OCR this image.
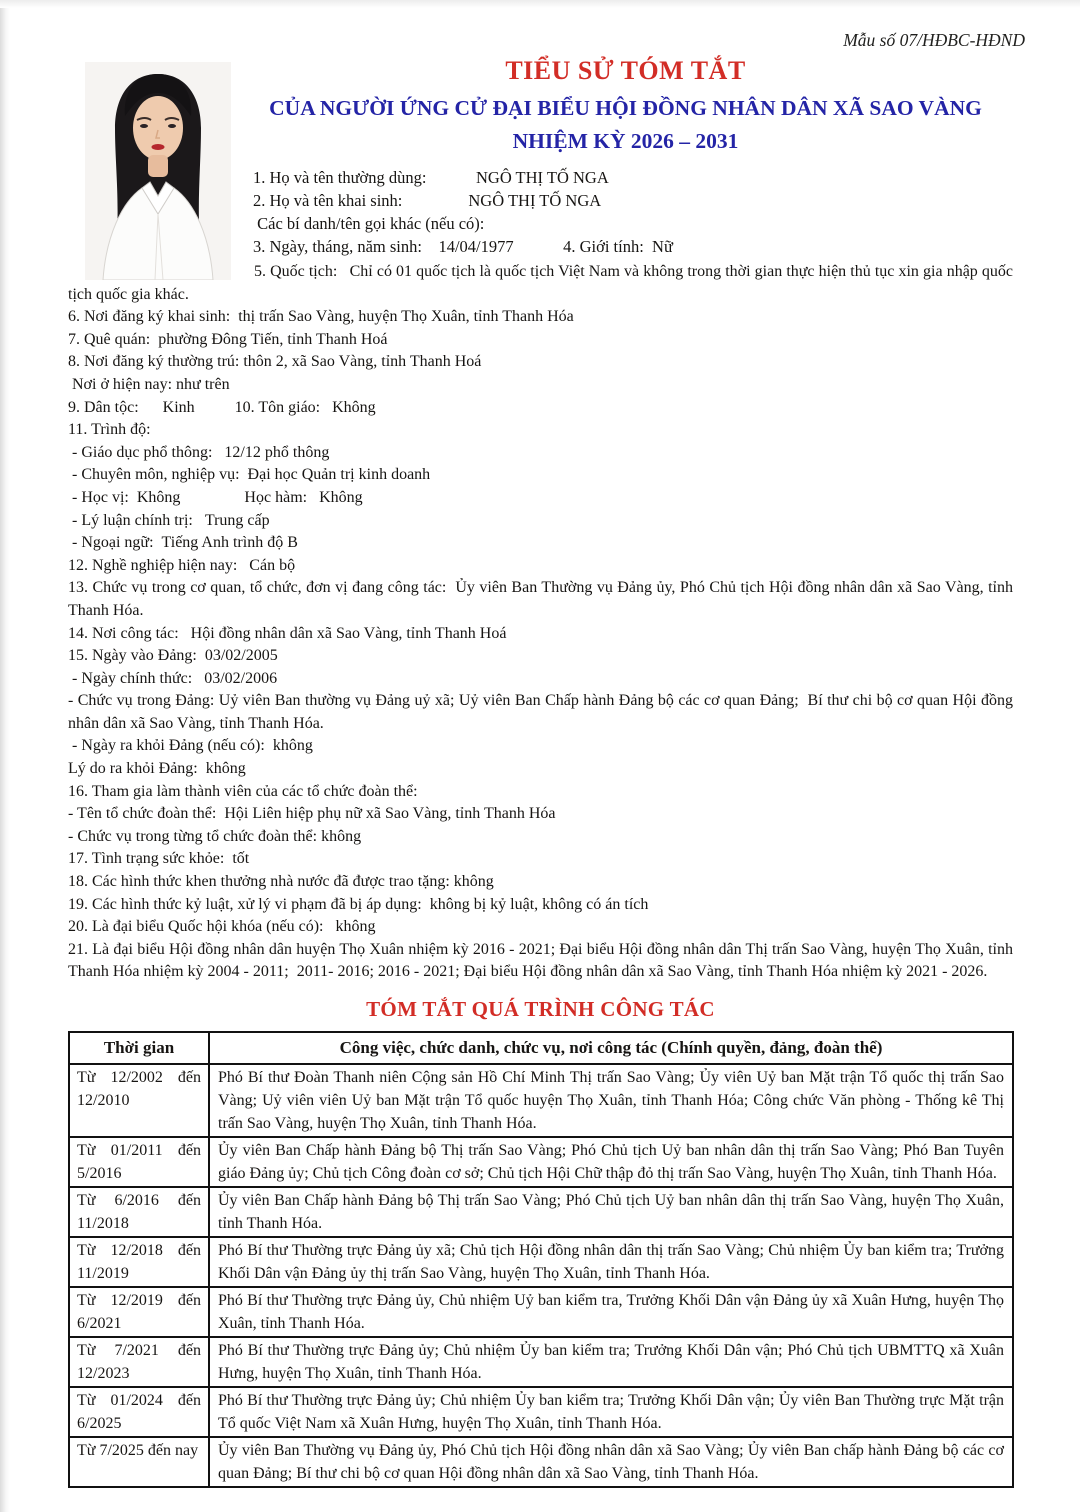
Mẫu số 07/HĐBC-HĐND
TIỂU SỬ TÓM TẮT
CỦA NGƯỜI ỨNG CỬ ĐẠI BIỂU HỘI ĐỒNG NHÂN DÂN XÃ SAO VÀNG
NHIỆM KỲ 2026 – 2031

1. Họ và tên thường dùng:            NGÔ THỊ TỐ NGA

2. Họ và tên khai sinh:                NGÔ THỊ TỐ NGA

Các bí danh/tên gọi khác (nếu có):

3. Ngày, tháng, năm sinh:    14/04/1977            4. Giới tính:  Nữ

5. Quốc tịch:   Chỉ có 01 quốc tịch là quốc tịch Việt Nam và không trong thời gian thực hiện thủ tục xin gia nhập quốc tịch quốc gia khác.

6. Nơi đăng ký khai sinh:  thị trấn Sao Vàng, huyện Thọ Xuân, tỉnh Thanh Hóa

7. Quê quán:  phường Đông Tiến, tỉnh Thanh Hoá

8. Nơi đăng ký thường trú: thôn 2, xã Sao Vàng, tỉnh Thanh Hoá

Nơi ở hiện nay: như trên

9. Dân tộc:      Kinh          10. Tôn giáo:   Không

11. Trình độ:

- Giáo dục phổ thông:   12/12 phổ thông

- Chuyên môn, nghiệp vụ:  Đại học Quản trị kinh doanh

- Học vị:  Không                Học hàm:   Không

- Lý luận chính trị:   Trung cấp

- Ngoại ngữ:  Tiếng Anh trình độ B

12. Nghề nghiệp hiện nay:   Cán bộ

13. Chức vụ trong cơ quan, tổ chức, đơn vị đang công tác:  Ủy viên Ban Thường vụ Đảng ủy, Phó Chủ tịch Hội đồng nhân dân xã Sao Vàng, tỉnh Thanh Hóa.

14. Nơi công tác:   Hội đồng nhân dân xã Sao Vàng, tỉnh Thanh Hoá

15. Ngày vào Đảng:  03/02/2005

- Ngày chính thức:   03/02/2006

- Chức vụ trong Đảng: Uỷ viên Ban thường vụ Đảng uỷ xã; Uỷ viên Ban Chấp hành Đảng bộ các cơ quan Đảng;  Bí thư chi bộ cơ quan Hội đồng nhân dân xã Sao Vàng, tỉnh Thanh Hóa.

- Ngày ra khỏi Đảng (nếu có):  không

Lý do ra khỏi Đảng:  không

16. Tham gia làm thành viên của các tổ chức đoàn thể:

- Tên tổ chức đoàn thể:  Hội Liên hiệp phụ nữ xã Sao Vàng, tỉnh Thanh Hóa

- Chức vụ trong từng tổ chức đoàn thể: không

17. Tình trạng sức khỏe:  tốt

18. Các hình thức khen thưởng nhà nước đã được trao tặng: không

19. Các hình thức kỷ luật, xử lý vi phạm đã bị áp dụng:  không bị kỷ luật, không có án tích

20. Là đại biểu Quốc hội khóa (nếu có):   không

21. Là đại biểu Hội đồng nhân dân huyện Thọ Xuân nhiệm kỳ 2016 - 2021; Đại biểu Hội đồng nhân dân Thị trấn Sao Vàng, huyện Thọ Xuân, tỉnh Thanh Hóa nhiệm kỳ 2004 - 2011;  2011- 2016; 2016 - 2021; Đại biểu Hội đồng nhân dân xã Sao Vàng, tỉnh Thanh Hóa nhiệm kỳ 2021 - 2026.

TÓM TẮT QUÁ TRÌNH CÔNG TÁC
Thời gian	Công việc, chức danh, chức vụ, nơi công tác (Chính quyền, đảng, đoàn thể)
Từ 12/2002 đến 12/2010	Phó Bí thư Đoàn Thanh niên Cộng sản Hồ Chí Minh Thị trấn Sao Vàng; Ủy viên Uỷ ban Mặt trận Tổ quốc thị trấn Sao Vàng; Uỷ viên viên Uỷ ban Mặt trận Tổ quốc huyện Thọ Xuân, tỉnh Thanh Hóa; Công chức Văn phòng - Thống kê Thị trấn Sao Vàng, huyện Thọ Xuân, tỉnh Thanh Hóa.
Từ 01/2011 đến 5/2016	Ủy viên Ban Chấp hành Đảng bộ Thị trấn Sao Vàng; Phó Chủ tịch Uỷ ban nhân dân thị trấn Sao Vàng; Phó Ban Tuyên giáo Đảng ủy; Chủ tịch Công đoàn cơ sở; Chủ tịch Hội Chữ thập đỏ thị trấn Sao Vàng, huyện Thọ Xuân, tỉnh Thanh Hóa.
Từ 6/2016 đến 11/2018	Ủy viên Ban Chấp hành Đảng bộ Thị trấn Sao Vàng; Phó Chủ tịch Uỷ ban nhân dân thị trấn Sao Vàng, huyện Thọ Xuân, tỉnh Thanh Hóa.
Từ 12/2018 đến 11/2019	Phó Bí thư Thường trực Đảng ủy xã; Chủ tịch Hội đồng nhân dân thị trấn Sao Vàng; Chủ nhiệm Ủy ban kiểm tra; Trưởng Khối Dân vận Đảng ủy thị trấn Sao Vàng, huyện Thọ Xuân, tỉnh Thanh Hóa.
Từ 12/2019 đến 6/2021	Phó Bí thư Thường trực Đảng ủy, Chủ nhiệm Uỷ ban kiểm tra, Trưởng Khối Dân vận Đảng ủy xã Xuân Hưng, huyện Thọ Xuân, tỉnh Thanh Hóa.
Từ 7/2021 đến 12/2023	Phó Bí thư Thường trực Đảng ủy; Chủ nhiệm Ủy ban kiểm tra; Trưởng Khối Dân vận; Phó Chủ tịch UBMTTQ xã Xuân Hưng, huyện Thọ Xuân, tỉnh Thanh Hóa.
Từ 01/2024 đến 6/2025	Phó Bí thư Thường trực Đảng ủy; Chủ nhiệm Ủy ban kiểm tra; Trưởng Khối Dân vận; Ủy viên Ban Thường trực Mặt trận Tổ quốc Việt Nam xã Xuân Hưng, huyện Thọ Xuân, tỉnh Thanh Hóa.
Từ 7/2025 đến nay	Ủy viên Ban Thường vụ Đảng ủy, Phó Chủ tịch Hội đồng nhân dân xã Sao Vàng; Ủy viên Ban chấp hành Đảng bộ các cơ quan Đảng; Bí thư chi bộ cơ quan Hội đồng nhân dân xã Sao Vàng, tỉnh Thanh Hóa.
